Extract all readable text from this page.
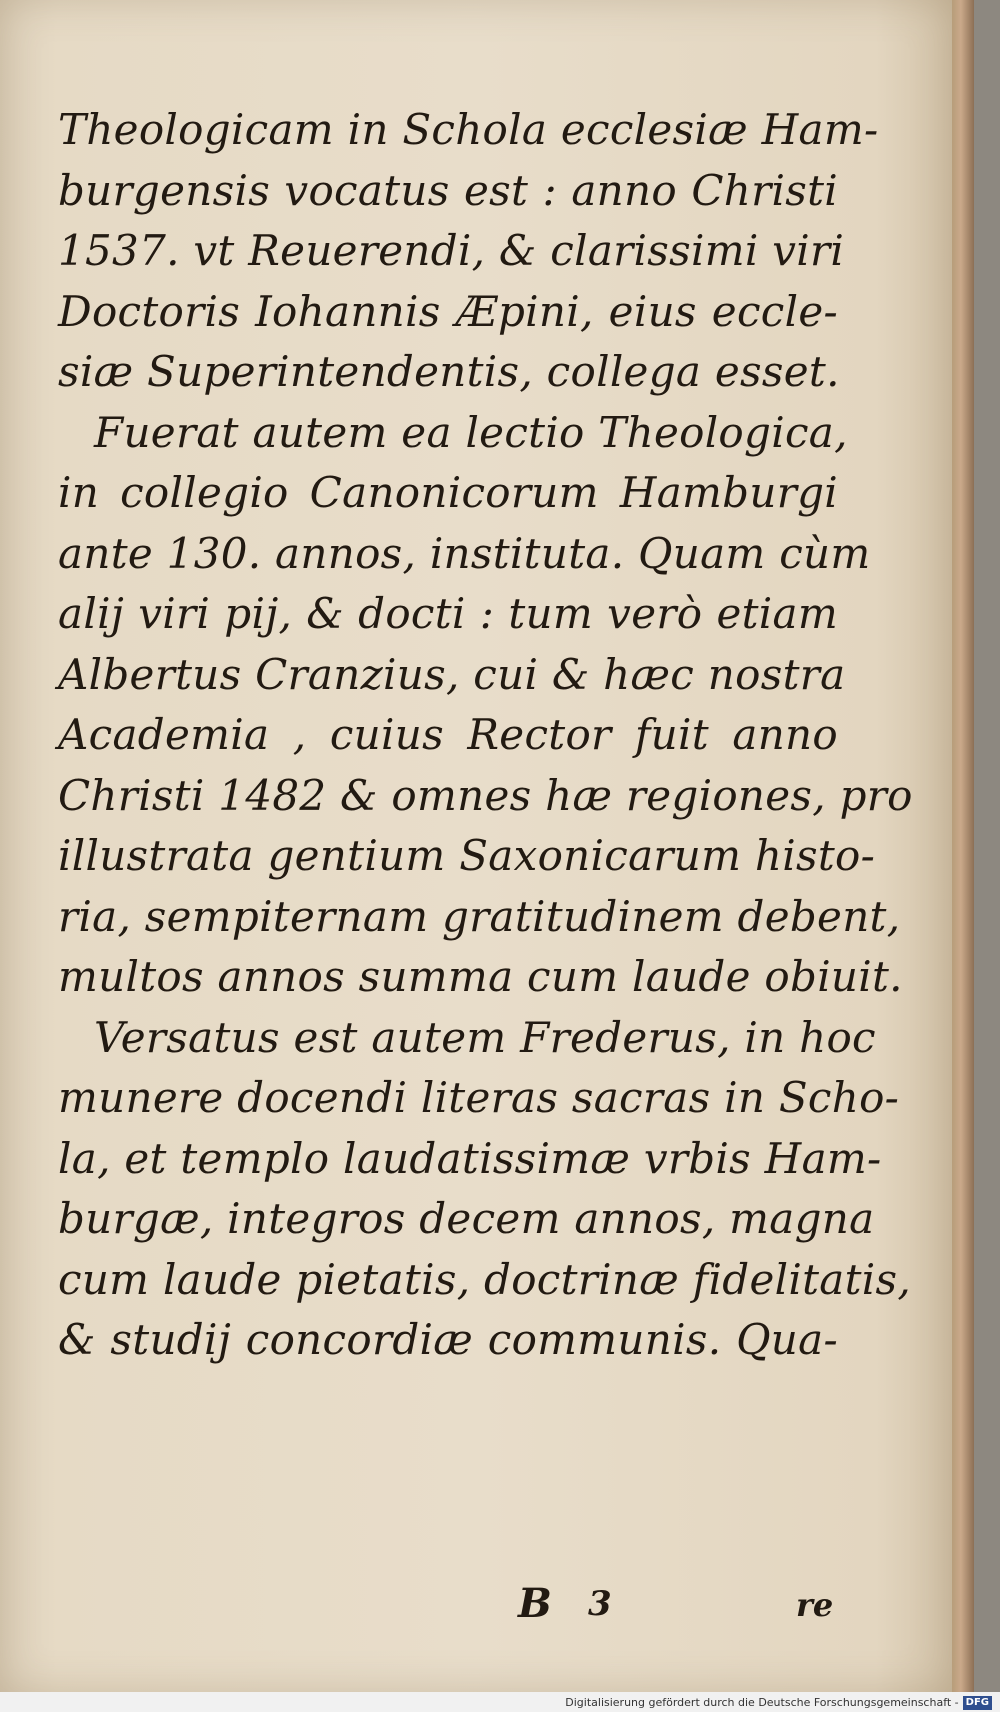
Theologicam in Schola ecclesiæ Ham-
burgensis vocatus est : anno Christi
1537. vt Reuerendi, & clarissimi viri
Doctoris Iohannis Æpini, eius eccle-
siæ Superintendentis, collega esset.
Fuerat autem ea lectio Theologica,
in collegio Canonicorum Hamburgi
ante 130. annos, instituta. Quam cùm
alij viri pij, & docti : tum verò etiam
Albertus Cranzius, cui & hæc nostra
Academia , cuius Rector fuit anno
Christi 1482 & omnes hæ regiones, pro
illustrata gentium Saxonicarum histo-
ria, sempiternam gratitudinem debent,
multos annos summa cum laude obiuit.
Versatus est autem Frederus, in hoc
munere docendi literas sacras in Scho-
la, et templo laudatissimæ vrbis Ham-
burgæ, integros decem annos, magna
cum laude pietatis, doctrinæ fidelitatis,
& studij concordiæ communis. Qua-
B 3	re
Digitalisierung gefördert durch die Deutsche Forschungsgemeinschaft - DFG
